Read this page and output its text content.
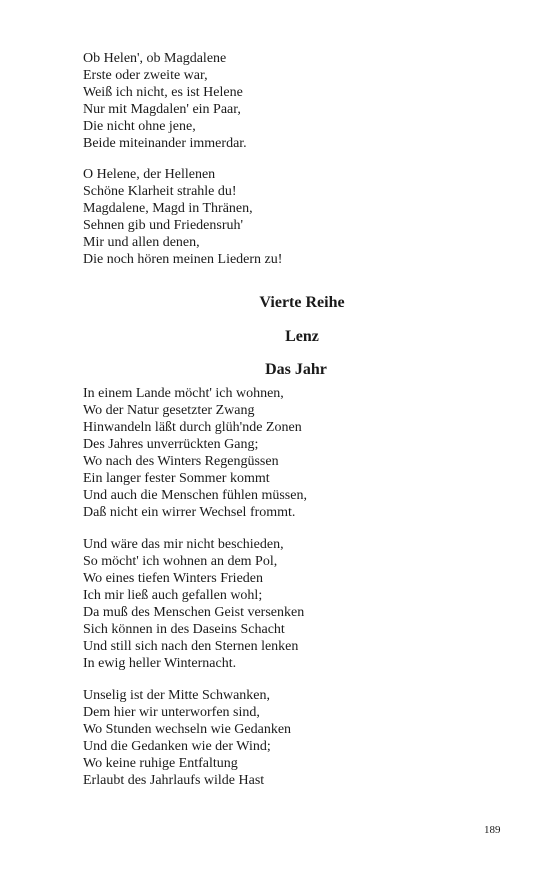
Ob Helen', ob Magdalene
Erste oder zweite war,
Weiß ich nicht, es ist Helene
Nur mit Magdalen' ein Paar,
Die nicht ohne jene,
Beide miteinander immerdar.
O Helene, der Hellenen
Schöne Klarheit strahle du!
Magdalene, Magd in Thränen,
Sehnen gib und Friedensruh'
Mir und allen denen,
Die noch hören meinen Liedern zu!
Vierte Reihe
Lenz
Das Jahr
In einem Lande möcht' ich wohnen,
Wo der Natur gesetzter Zwang
Hinwandeln läßt durch glüh'nde Zonen
Des Jahres unverrückten Gang;
Wo nach des Winters Regengüssen
Ein langer fester Sommer kommt
Und auch die Menschen fühlen müssen,
Daß nicht ein wirrer Wechsel frommt.
Und wäre das mir nicht beschieden,
So möcht' ich wohnen an dem Pol,
Wo eines tiefen Winters Frieden
Ich mir ließ auch gefallen wohl;
Da muß des Menschen Geist versenken
Sich können in des Daseins Schacht
Und still sich nach den Sternen lenken
In ewig heller Winternacht.
Unselig ist der Mitte Schwanken,
Dem hier wir unterworfen sind,
Wo Stunden wechseln wie Gedanken
Und die Gedanken wie der Wind;
Wo keine ruhige Entfaltung
Erlaubt des Jahrlaufs wilde Hast
189
